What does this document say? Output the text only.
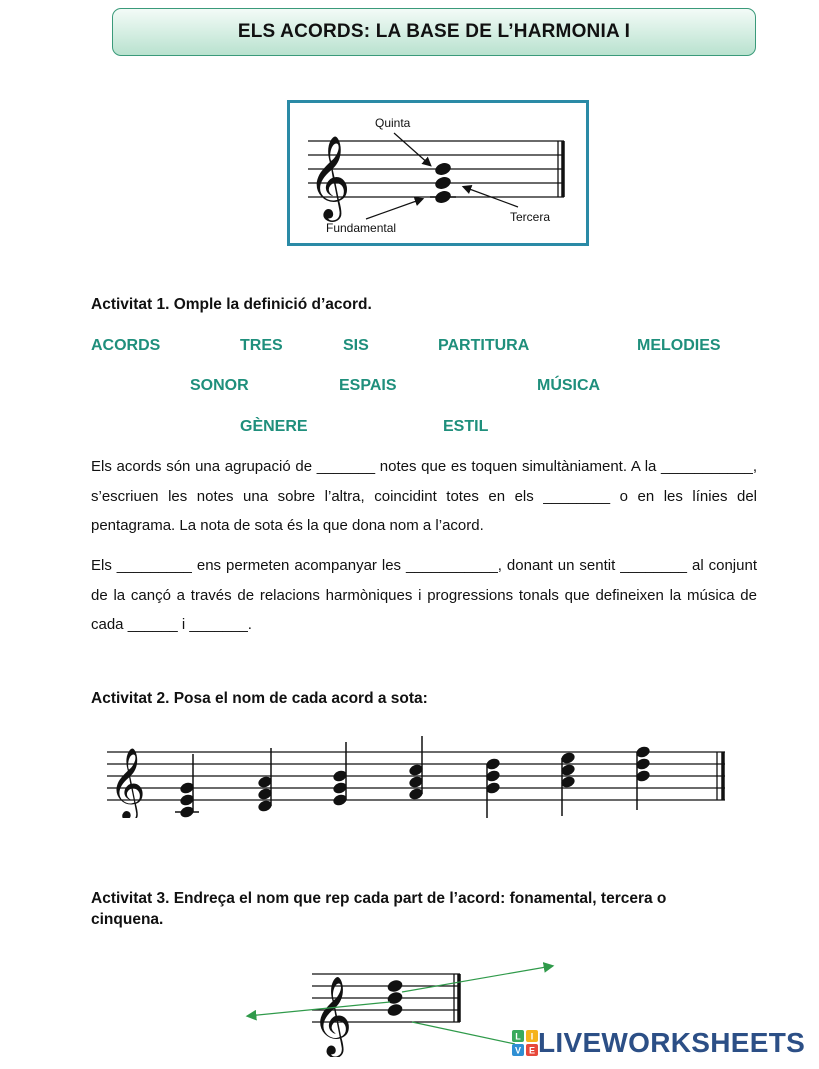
ELS ACORDS: LA BASE DE L’HARMONIA I
𝄞
Quinta
Tercera
Fundamental
Activitat 1. Omple la definició d’acord.
ACORDS	TRES	SIS	PARTITURA	MELODIES
SONOR	ESPAIS	MÚSICA
GÈNERE	ESTIL
Els acords són una agrupació de _______ notes que es toquen simultàniament. A la ___________, s’escriuen les notes una sobre l’altra, coincidint totes en els ________ o en les línies del pentagrama. La nota de sota és la que dona nom a l’acord.
Els _________ ens permeten acompanyar les ___________, donant un sentit ________ al conjunt de la cançó a través de relacions harmòniques i progressions tonals que defineixen la música de cada ______ i _______.
Activitat 2. Posa el nom de cada acord a sota:
𝄞
Activitat 3. Endreça el nom que rep cada part de l’acord: fonamental, tercera o cinquena.
𝄞	L I
V E LIVEWORKSHEETS
